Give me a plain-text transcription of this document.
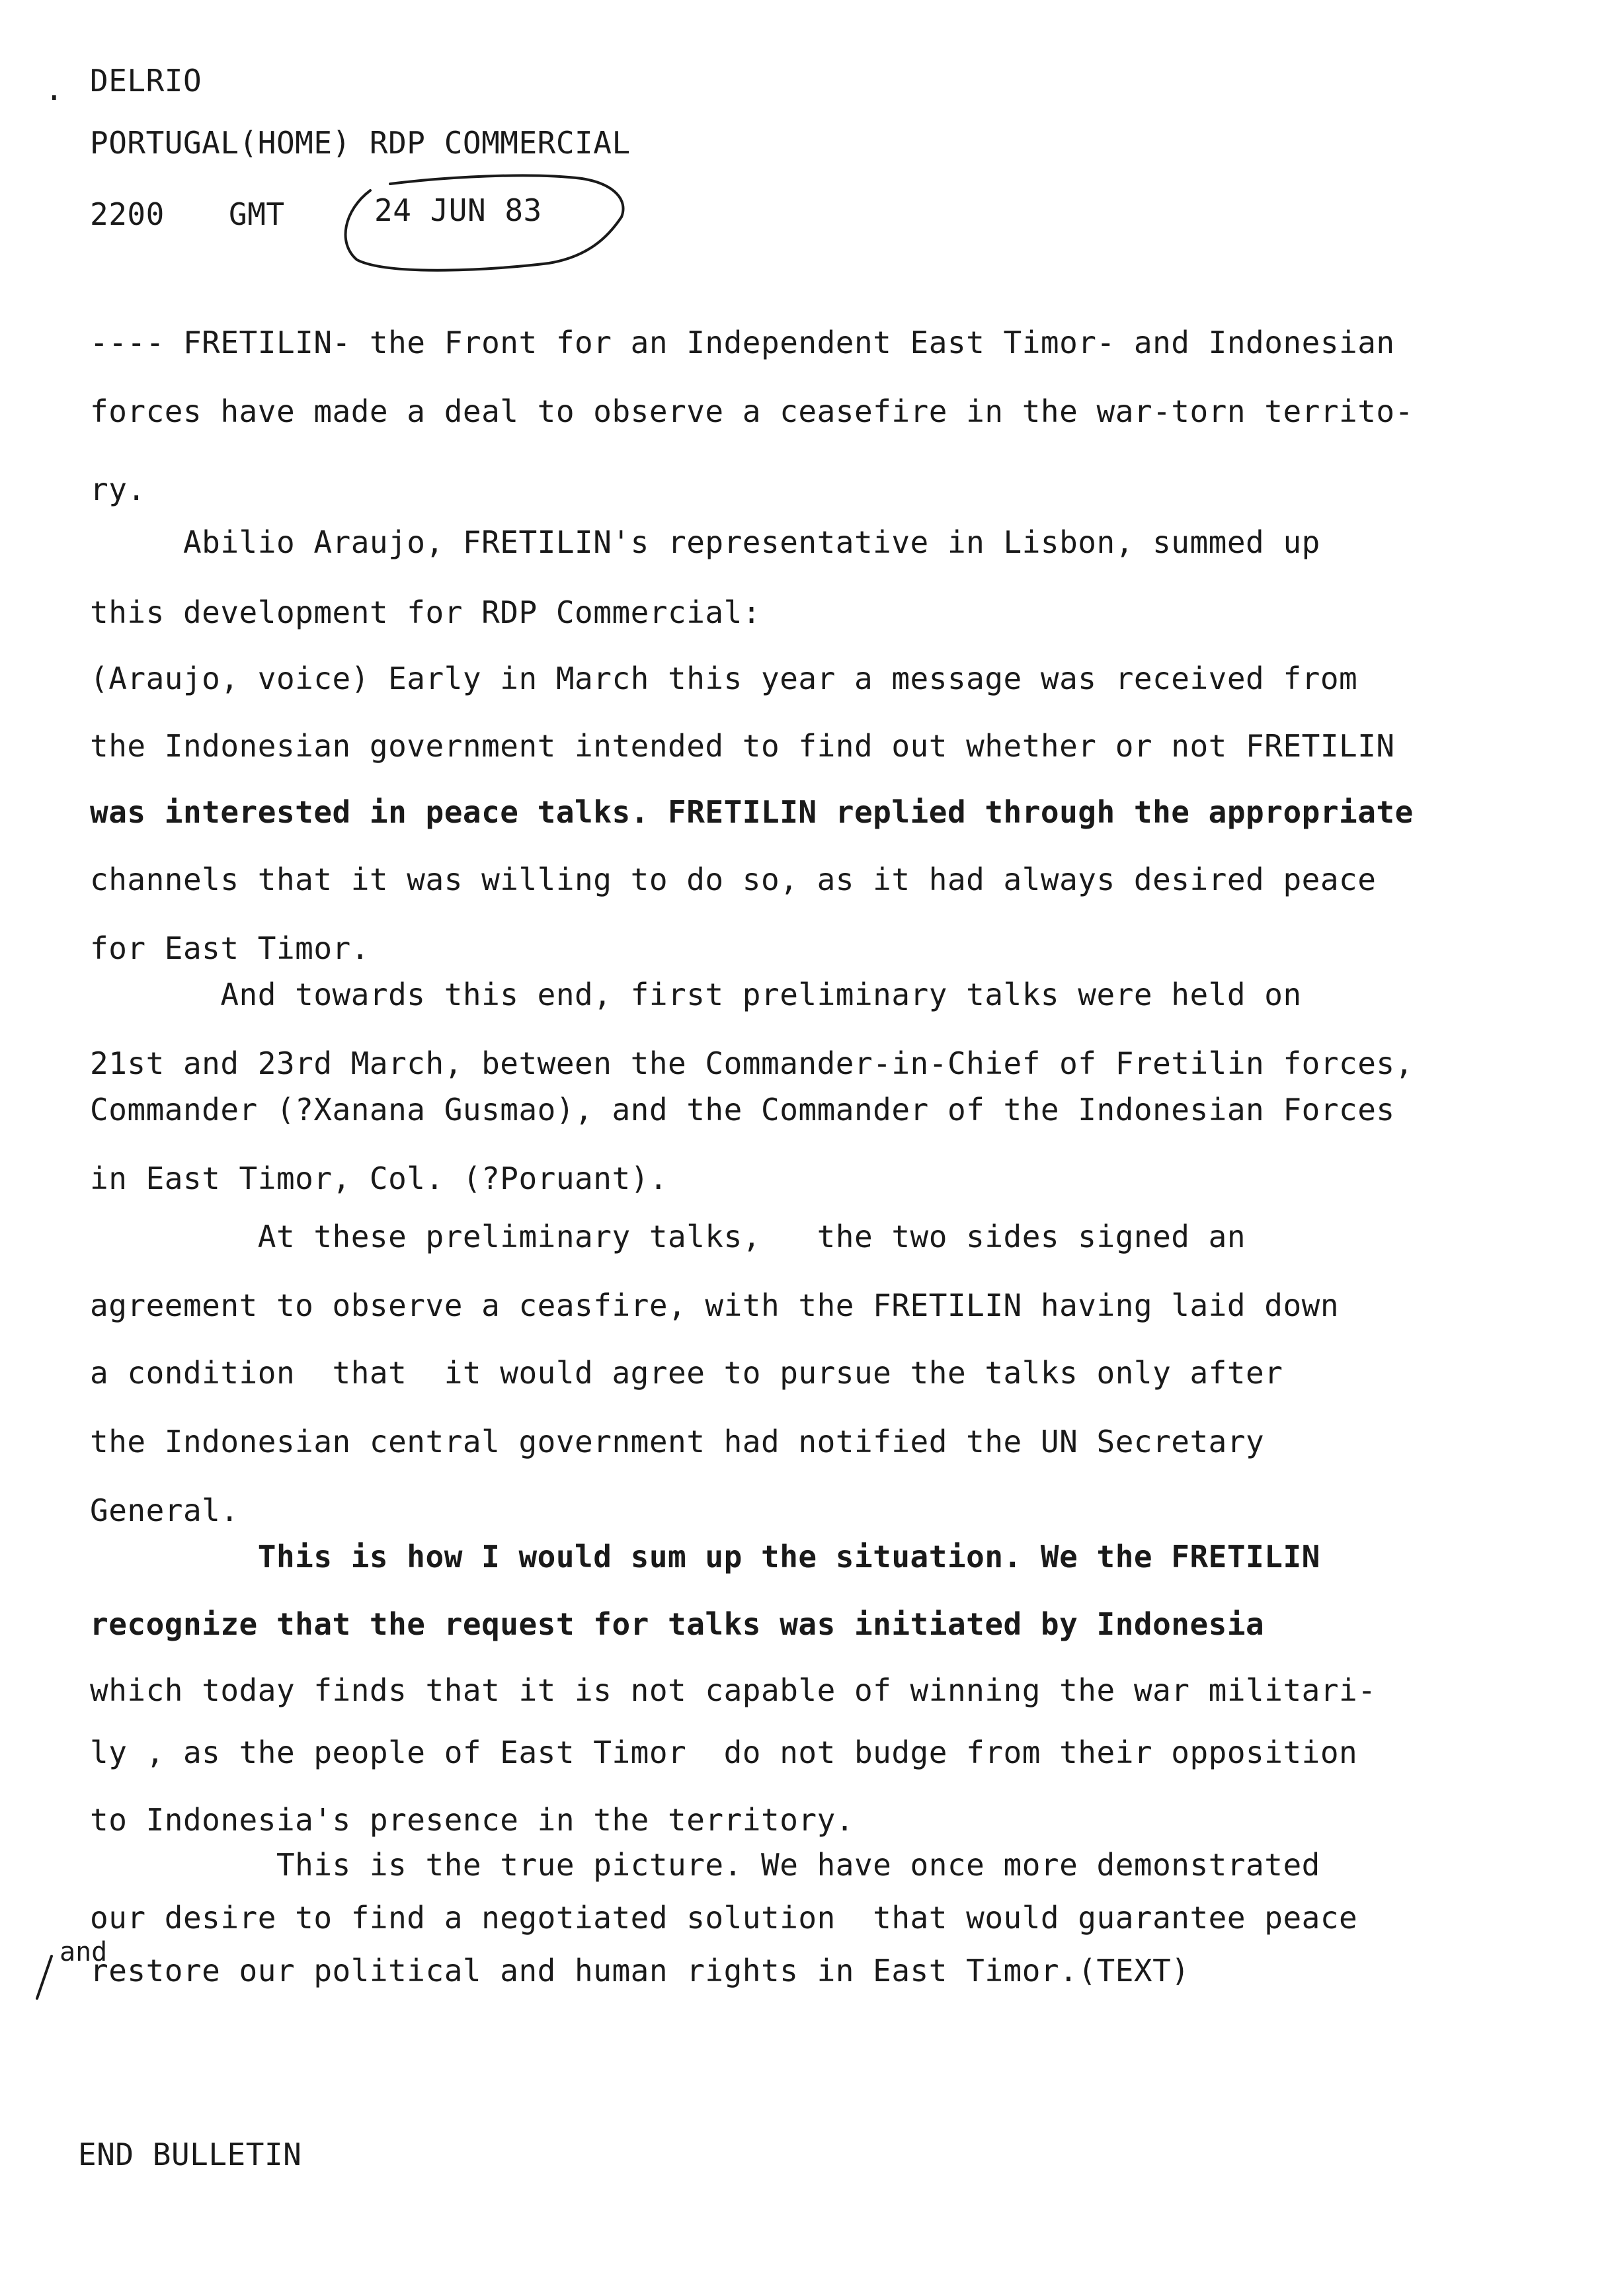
. DELRIO
PORTUGAL(HOME) RDP COMMERCIAL
2200 GMT	24 JUN 83
---- FRETILIN- the Front for an Independent East Timor- and Indonesian
forces have made a deal to observe a ceasefire in the war-torn territo-
ry.
Abilio Araujo, FRETILIN's representative in Lisbon, summed up
this development for RDP Commercial:
(Araujo, voice) Early in March this year a message was received from
the Indonesian government intended to find out whether or not FRETILIN
was interested in peace talks. FRETILIN replied through the appropriate
channels that it was willing to do so, as it had always desired peace
for East Timor.
And towards this end, first preliminary talks were held on
21st and 23rd March, between the Commander-in-Chief of Fretilin forces,
Commander (?Xanana Gusmao), and the Commander of the Indonesian Forces
in East Timor, Col. (?Poruant).
At these preliminary talks,   the two sides signed an
agreement to observe a ceasfire, with the FRETILIN having laid down
a condition  that  it would agree to pursue the talks only after
the Indonesian central government had notified the UN Secretary
General.
This is how I would sum up the situation. We the FRETILIN
recognize that the request for talks was initiated by Indonesia
which today finds that it is not capable of winning the war militari-
ly , as the people of East Timor  do not budge from their opposition
to Indonesia's presence in the territory.
This is the true picture. We have once more demonstrated
our desire to find a negotiated solution  that would guarantee peace
and
restore our political and human rights in East Timor.(TEXT)
END BULLETIN
